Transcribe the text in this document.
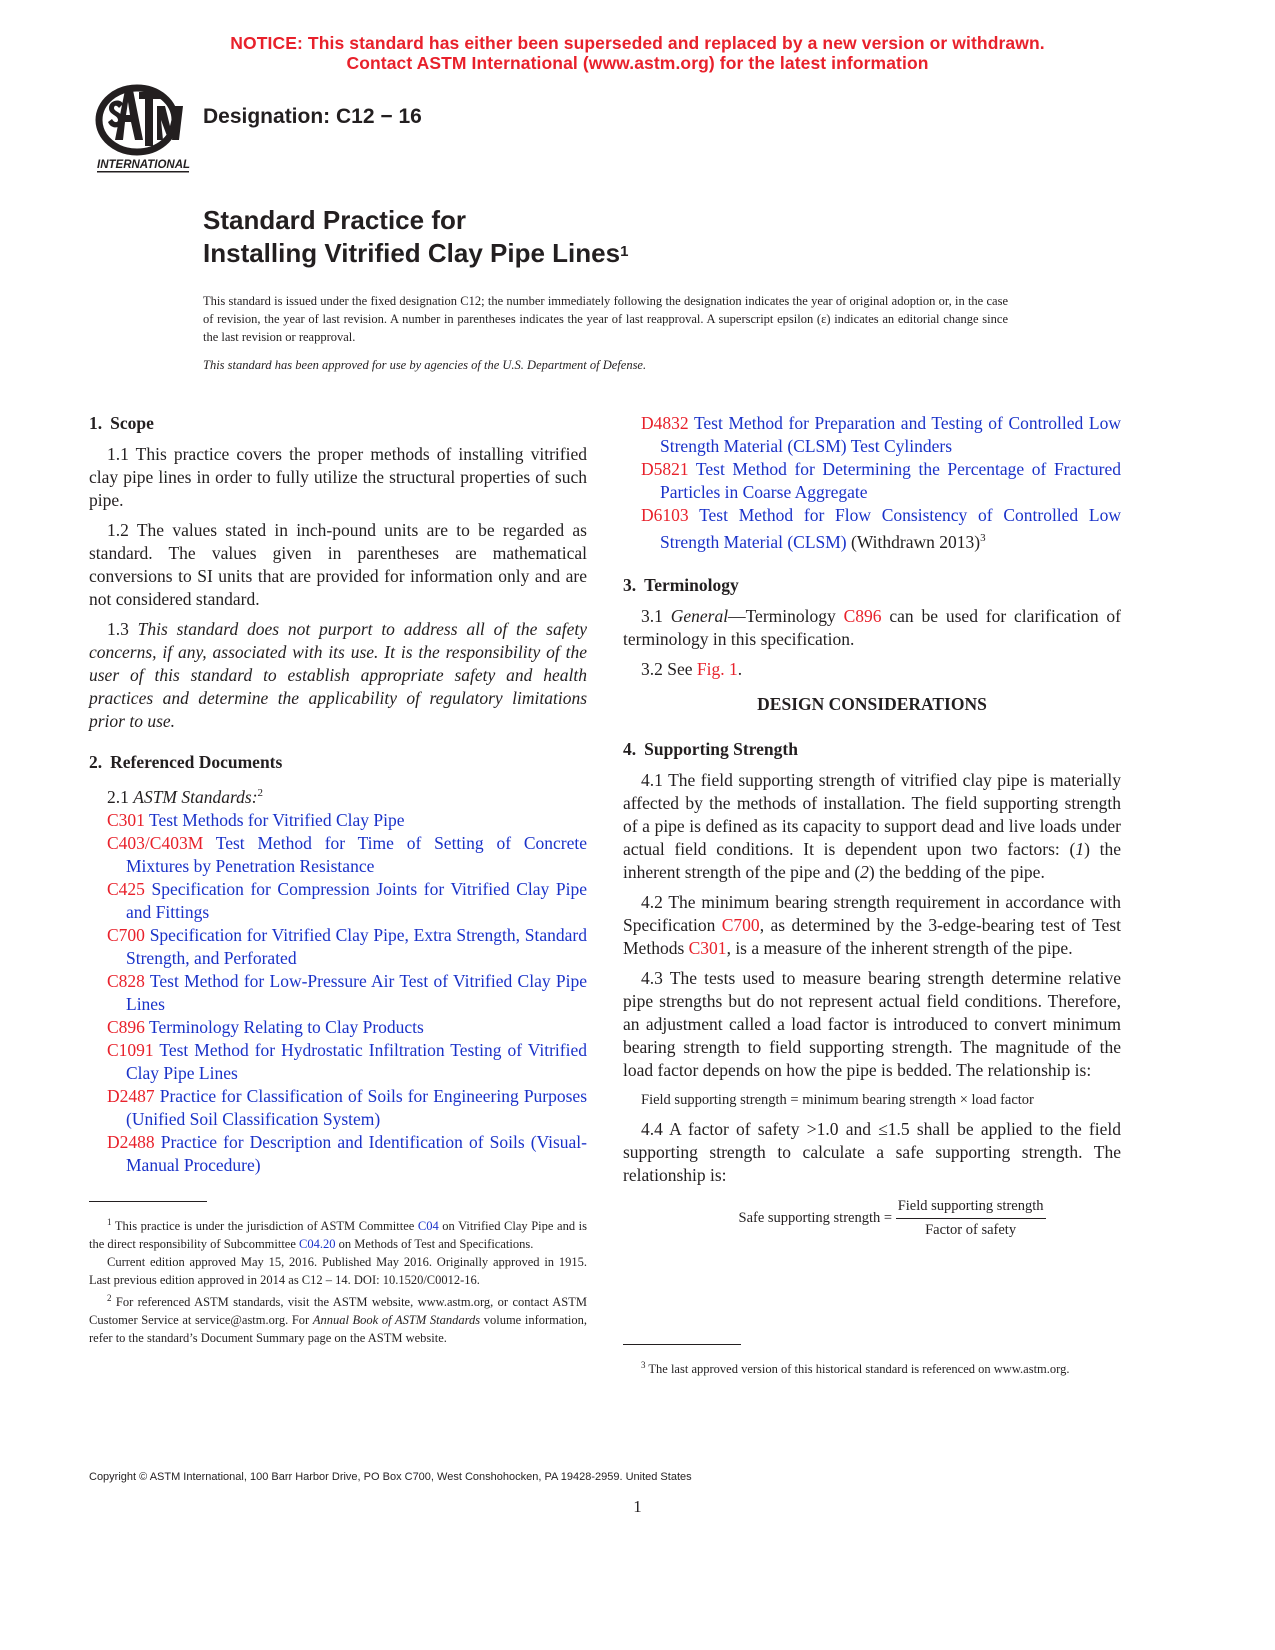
NOTICE: This standard has either been superseded and replaced by a new version or withdrawn.
Contact ASTM International (www.astm.org) for the latest information
INTERNATIONAL
Designation: C12 − 16
Standard Practice for
Installing Vitrified Clay Pipe Lines$^1$
This standard is issued under the fixed designation C12; the number immediately following the designation indicates the year of original adoption or, in the case of revision, the year of last revision. A number in parentheses indicates the year of last reapproval. A superscript epsilon (ε) indicates an editorial change since the last revision or reapproval.
This standard has been approved for use by agencies of the U.S. Department of Defense.
1. Scope

1.1 This practice covers the proper methods of installing vitrified clay pipe lines in order to fully utilize the structural properties of such pipe.

1.2 The values stated in inch-pound units are to be regarded as standard. The values given in parentheses are mathematical conversions to SI units that are provided for information only and are not considered standard.

1.3 This standard does not purport to address all of the safety concerns, if any, associated with its use. It is the responsibility of the user of this standard to establish appropriate safety and health practices and determine the applicability of regulatory limitations prior to use.

2. Referenced Documents

2.1 ASTM Standards:$^2$

C301 Test Methods for Vitrified Clay Pipe

C403/C403M Test Method for Time of Setting of Concrete Mixtures by Penetration Resistance

C425 Specification for Compression Joints for Vitrified Clay Pipe and Fittings

C700 Specification for Vitrified Clay Pipe, Extra Strength, Standard Strength, and Perforated

C828 Test Method for Low-Pressure Air Test of Vitrified Clay Pipe Lines

C896 Terminology Relating to Clay Products

C1091 Test Method for Hydrostatic Infiltration Testing of Vitrified Clay Pipe Lines

D2487 Practice for Classification of Soils for Engineering Purposes (Unified Soil Classification System)

D2488 Practice for Description and Identification of Soils (Visual-Manual Procedure)

D4832 Test Method for Preparation and Testing of Controlled Low Strength Material (CLSM) Test Cylinders

D5821 Test Method for Determining the Percentage of Fractured Particles in Coarse Aggregate

D6103 Test Method for Flow Consistency of Controlled Low Strength Material (CLSM) (Withdrawn 2013)$^3$

3. Terminology

3.1 General—Terminology C896 can be used for clarification of terminology in this specification.

3.2 See Fig. 1.

DESIGN CONSIDERATIONS
4. Supporting Strength

4.1 The field supporting strength of vitrified clay pipe is materially affected by the methods of installation. The field supporting strength of a pipe is defined as its capacity to support dead and live loads under actual field conditions. It is dependent upon two factors: (1) the inherent strength of the pipe and (2) the bedding of the pipe.

4.2 The minimum bearing strength requirement in accordance with Specification C700, as determined by the 3-edge-bearing test of Test Methods C301, is a measure of the inherent strength of the pipe.

4.3 The tests used to measure bearing strength determine relative pipe strengths but do not represent actual field conditions. Therefore, an adjustment called a load factor is introduced to convert minimum bearing strength to field supporting strength. The magnitude of the load factor depends on how the pipe is bedded. The relationship is:

Field supporting strength = minimum bearing strength × load factor

4.4 A factor of safety >1.0 and ≤1.5 shall be applied to the field supporting strength to calculate a safe supporting strength. The relationship is:

Safe supporting strength = $\frac{\text{Field supporting strength}}{\text{Factor of safety}}$

$^1$ This practice is under the jurisdiction of ASTM Committee C04 on Vitrified Clay Pipe and is the direct responsibility of Subcommittee C04.20 on Methods of Test and Specifications.

Current edition approved May 15, 2016. Published May 2016. Originally approved in 1915. Last previous edition approved in 2014 as C12 – 14. DOI: 10.1520/C0012-16.

$^2$ For referenced ASTM standards, visit the ASTM website, www.astm.org, or contact ASTM Customer Service at service@astm.org. For Annual Book of ASTM Standards volume information, refer to the standard’s Document Summary page on the ASTM website.

$^3$ The last approved version of this historical standard is referenced on www.astm.org.

Copyright © ASTM International, 100 Barr Harbor Drive, PO Box C700, West Conshohocken, PA 19428-2959. United States
1
